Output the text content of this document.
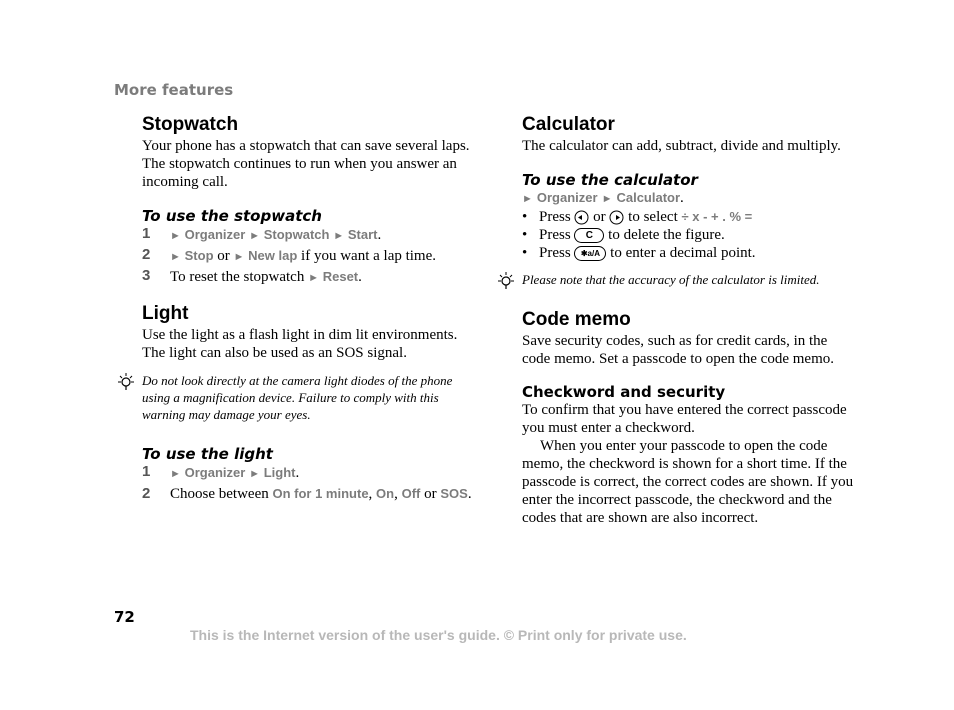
More features
Stopwatch

Your phone has a stopwatch that can save several laps. The stopwatch continues to run when you answer an incoming call.

To use the stopwatch
1	► Organizer ► Stopwatch ► Start.
2	► Stop or ► New lap if you want a lap time.
3	To reset the stopwatch ► Reset.
Light

Use the light as a flash light in dim lit environments. The light can also be used as an SOS signal.

Do not look directly at the camera light diodes of the phone using a magnification device. Failure to comply with this warning may damage your eyes.
To use the light
1	► Organizer ► Light.
2	Choose between On for 1 minute, On, Off or SOS.
Calculator

The calculator can add, subtract, divide and multiply.

To use the calculator
► Organizer ► Calculator.
• Press or to select ÷ x - + . % =
• Press C to delete the figure.
• Press ✱a/A to enter a decimal point.
Please note that the accuracy of the calculator is limited.
Code memo

Save security codes, such as for credit cards, in the code memo. Set a passcode to open the code memo.

Checkword and security

To confirm that you have entered the correct passcode you must enter a checkword.

When you enter your passcode to open the code memo, the checkword is shown for a short time. If the passcode is correct, the correct codes are shown. If you enter the incorrect passcode, the checkword and the codes that are shown are also incorrect.

72
This is the Internet version of the user's guide. © Print only for private use.
